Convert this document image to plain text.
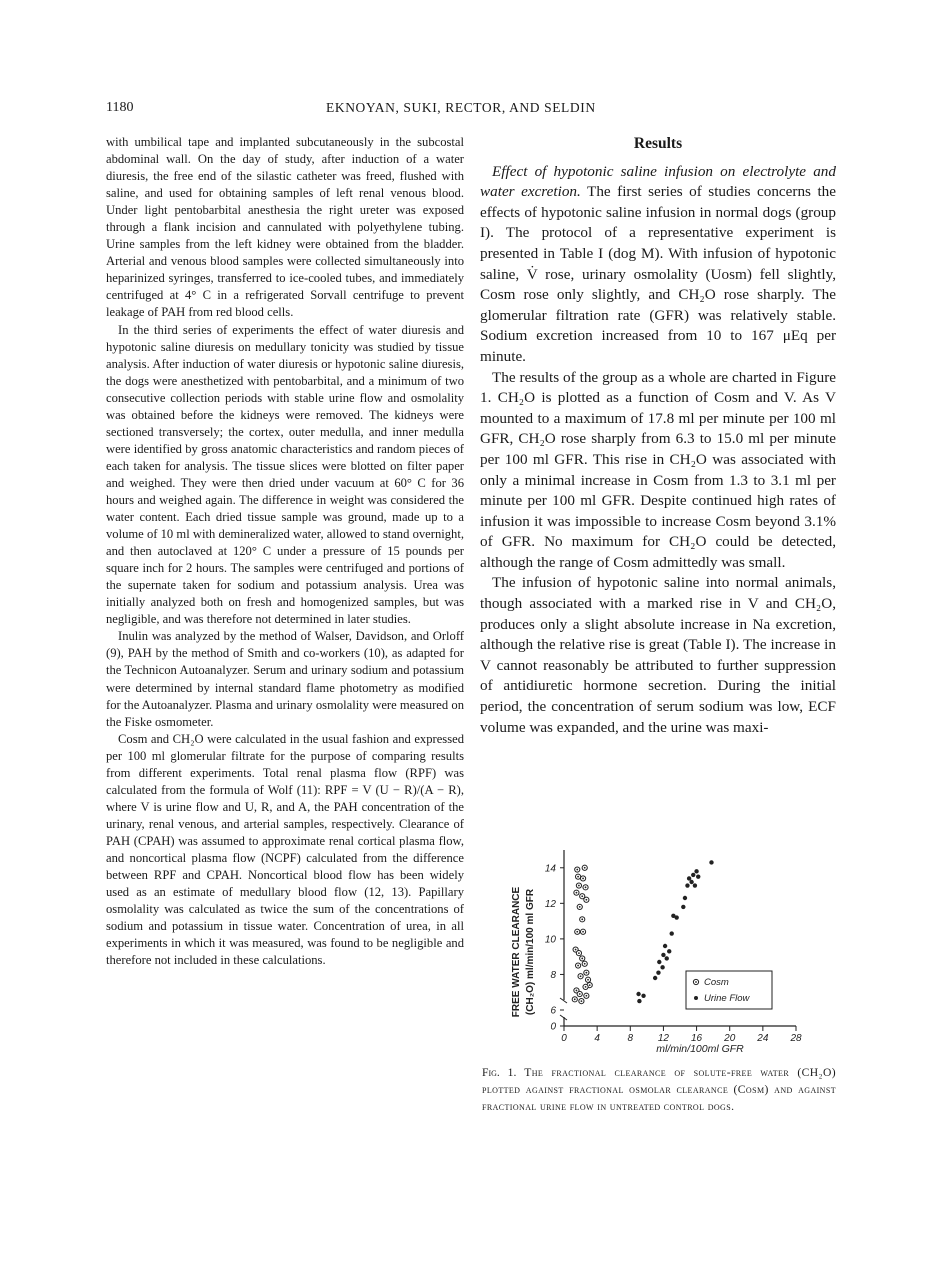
1180	EKNOYAN, SUKI, RECTOR, AND SELDIN

with umbilical tape and implanted subcutaneously in the subcostal abdominal wall. On the day of study, after induction of a water diuresis, the free end of the silastic catheter was freed, flushed with saline, and used for obtaining samples of left renal venous blood. Under light pentobarbital anesthesia the right ureter was exposed through a flank incision and cannulated with polyethylene tubing. Urine samples from the left kidney were obtained from the bladder. Arterial and venous blood samples were collected simultaneously into heparinized syringes, transferred to ice-cooled tubes, and immediately centrifuged at 4° C in a refrigerated Sorvall centrifuge to prevent leakage of PAH from red blood cells.

In the third series of experiments the effect of water diuresis and hypotonic saline diuresis on medullary tonicity was studied by tissue analysis. After induction of water diuresis or hypotonic saline diuresis, the dogs were anesthetized with pentobarbital, and a minimum of two consecutive collection periods with stable urine flow and osmolality was obtained before the kidneys were removed. The kidneys were sectioned transversely; the cortex, outer medulla, and inner medulla were identified by gross anatomic characteristics and random pieces of each taken for analysis. The tissue slices were blotted on filter paper and weighed. They were then dried under vacuum at 60° C for 36 hours and weighed again. The difference in weight was considered the water content. Each dried tissue sample was ground, made up to a volume of 10 ml with demineralized water, allowed to stand overnight, and then autoclaved at 120° C under a pressure of 15 pounds per square inch for 2 hours. The samples were centrifuged and portions of the supernate taken for sodium and potassium analysis. Urea was initially analyzed both on fresh and homogenized samples, but was negligible, and was therefore not determined in later studies.

Inulin was analyzed by the method of Walser, Davidson, and Orloff (9), PAH by the method of Smith and co-workers (10), as adapted for the Technicon Autoanalyzer. Serum and urinary sodium and potassium were determined by internal standard flame photometry as modified for the Autoanalyzer. Plasma and urinary osmolality were measured on the Fiske osmometer.

Cosm and CH₂O were calculated in the usual fashion and expressed per 100 ml glomerular filtrate for the purpose of comparing results from different experiments. Total renal plasma flow (RPF) was calculated from the formula of Wolf (11): RPF = V (U − R)/(A − R), where V is urine flow and U, R, and A, the PAH concentration of the urinary, renal venous, and arterial samples, respectively. Clearance of PAH (CPAH) was assumed to approximate renal cortical plasma flow, and noncortical plasma flow (NCPF) calculated from the difference between RPF and CPAH. Noncortical blood flow has been widely used as an estimate of medullary blood flow (12, 13). Papillary osmolality was calculated as twice the sum of the concentrations of sodium and potassium in tissue water. Concentration of urea, in all experiments in which it was measured, was found to be negligible and therefore not included in these calculations.

Results

Effect of hypotonic saline infusion on electrolyte and water excretion. The first series of studies concerns the effects of hypotonic saline infusion in normal dogs (group I). The protocol of a representative experiment is presented in Table I (dog M). With infusion of hypotonic saline, V̇ rose, urinary osmolality (Uosm) fell slightly, Cosm rose only slightly, and CH₂O rose sharply. The glomerular filtration rate (GFR) was relatively stable. Sodium excretion increased from 10 to 167 μEq per minute.

The results of the group as a whole are charted in Figure 1. CH₂O is plotted as a function of Cosm and V. As V mounted to a maximum of 17.8 ml per minute per 100 ml GFR, CH₂O rose sharply from 6.3 to 15.0 ml per minute per 100 ml GFR. This rise in CH₂O was associated with only a minimal increase in Cosm from 1.3 to 3.1 ml per minute per 100 ml GFR. Despite continued high rates of infusion it was impossible to increase Cosm beyond 3.1% of GFR. No maximum for CH₂O could be detected, although the range of Cosm admittedly was small.

The infusion of hypotonic saline into normal animals, though associated with a marked rise in V and CH₂O, produces only a slight absolute increase in Na excretion, although the relative rise is great (Table I). The increase in V cannot reasonably be attributed to further suppression of antidiuretic hormone secretion. During the initial period, the concentration of serum sodium was low, ECF volume was expanded, and the urine was maxi-

0	4	8 12 16 20 24 28
0
6
8
10
12
14
FREE WATER CLEARANCE (CH₂O) ml/min/100 ml GFR
ml/min/100ml GFR
Cosm
Urine Flow
Fig. 1. The fractional clearance of solute-free water (CH₂O) plotted against fractional osmolar clearance (Cosm) and against fractional urine flow in untreated control dogs.
